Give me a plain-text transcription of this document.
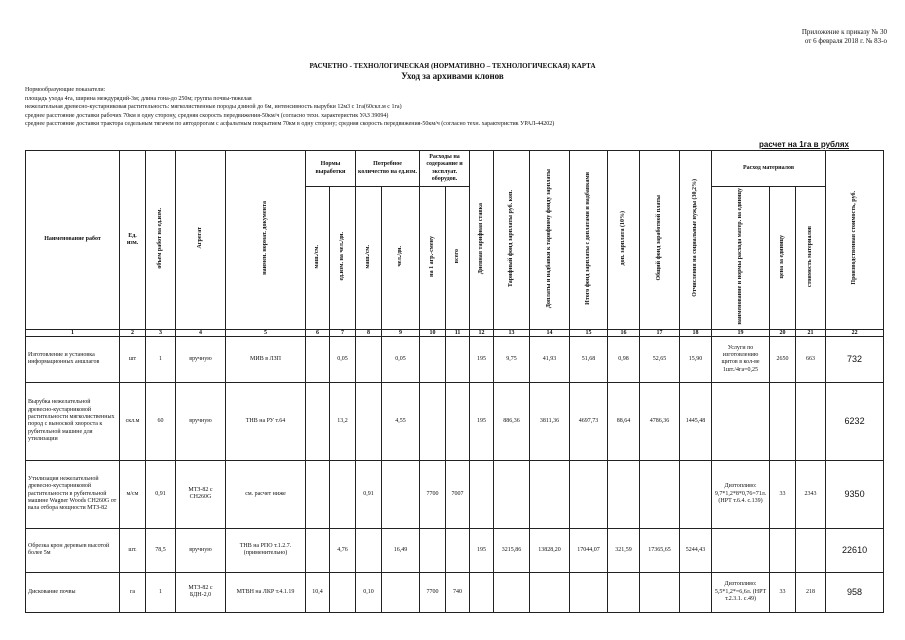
Приложение к приказу № 30
от 6 февраля 2018 г. № 83-о
РАСЧЕТНО - ТЕХНОЛОГИЧЕСКАЯ (НОРМАТИВНО – ТЕХНОЛОГИЧЕСКАЯ) КАРТА
Уход за архивами клонов
Нормообразующие показатели:
площадь ухода 4га, ширина междурядий-3м; длина гона-до 250м; группа почвы-тяжелая
нежелательная древесно-кустарниковая растительность: мягколиственные породы дзиной до 6м, интенсивность вырубки 12м3 с 1га(60скл.м с 1га)
среднее расстояние доставки рабочих 70км в одну сторону, средняя скорость передвижения-50км/ч (согласно техн. характеристик УАЗ 39094)
среднее расстояние доставки трактора седельным тягачем по автодорогам с асфальтным покрытием 70км в одну сторону; средняя скорость передвижения-50км/ч (согласно техн. характеристик УРАЛ-44202)
расчет на 1га в рублях
Наименование работ	Ед. изм.	объем работ на ед.изм.	Агрегат	наимен. нормат. документа	Нормы выработки		Потребное количество на ед.изм.		Расходы на содержание и эксплуат. оборудов.		Дневная тарифная ставка	Тарифный фонд зарплаты руб. коп.	Доплаты и надбавки к тарифному фонду зарплаты	Итого фонд зарплаты с доплатами и надбавками	доп. зарплата (10%)	Общий фонд заработной платы	Отчисления на социальные нужды (30,2%)	Расход материалов			Производственная стоимость, руб.
					маш./см.	ед.изм. на чел./дн.	маш./см.	чел./дн.	на 1 агр.-смену	всего								наименование и нормы расхода матер. на единицу	цена за единицу	стоимость материалов	
1	2	3	4	5	6	7	8	9	10	11	12	13	14	15	16	17	18	19	20	21	22
Изготовление и установка информационных аншлагов	шт	1	вручную	МИВ в ЛЗП		0,05		0,05			195	9,75	41,93	51,68	0,98	52,65	15,90	Услуги по изготовлению щитов в кол-ве 1шт./4га=0,25	2650	663	732
Вырубка нежелательной древесно-кустарниковой растительности мягколиственных пород с выноской хвороста к рубительной машине для утилизации	скл.м	60	вручную	ТНВ на РУ т.64		13,2		4,55			195	886,36	3811,36	4697,73	88,64	4786,36	1445,48				6232
Утилизация нежелательной древесно-кустарниковой растительности в рубительной машине Wagner Woods CH260G от вала отбора мощности МТЗ-82	м/см	0,91	МТЗ-82 с CH260G	см. расчет ниже			0,91		7700	7007								Дизтопливо: 9,7*1,2*8*0,76=71л. (НРТ т.6.4. с.139)	33	2343	9350
Обрезка крон деревьев высотой более 5м	шт.	78,5	вручную	ТНВ на РПО т.1.2.7. (применительно)		4,76		16,49			195	3215,86	13828,20	17044,07	321,59	17365,65	5244,43				22610
Дискование почвы	га	1	МТЗ-82 с БДН-2,0	МТВН на ЛКР т.4.1.19	10,4		0,10		7700	740								Дизтопливо: 5,5*1,2*=6,6л. (НРТ т.2.3.1. с.49)	33	218	958
